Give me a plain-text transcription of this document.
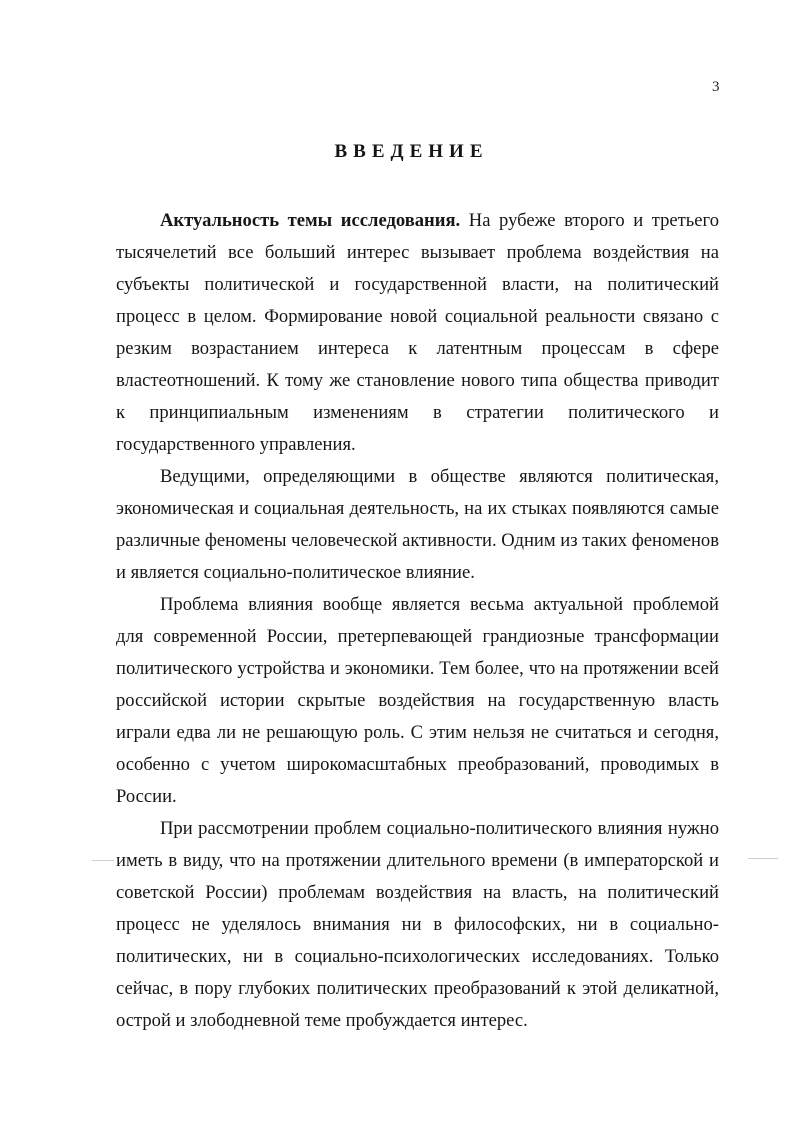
3
ВВЕДЕНИЕ

Актуальность темы исследования. На рубеже второго и третьего тысячелетий все больший интерес вызывает проблема воздействия на субъекты политической и государственной власти, на политический процесс в целом. Формирование новой социальной реальности связано с резким возрастанием интереса к латентным процессам в сфере властеотношений. К тому же становление нового типа общества приводит к принципиальным изменениям в стратегии политического и государственного управления.

Ведущими, определяющими в обществе являются политическая, экономическая и социальная деятельность, на их стыках появляются самые различные феномены человеческой активности. Одним из таких феноменов и является социально-политическое влияние.

Проблема влияния вообще является весьма актуальной проблемой для современной России, претерпевающей грандиозные трансформации политического устройства и экономики. Тем более, что на протяжении всей российской истории скрытые воздействия на государственную власть играли едва ли не решающую роль. С этим нельзя не считаться и сегодня, особенно с учетом широкомасштабных преобразований, проводимых в России.

При рассмотрении проблем социально-политического влияния нужно иметь в виду, что на протяжении длительного времени (в императорской и советской России) проблемам воздействия на власть, на политический процесс не уделялось внимания ни в философских, ни в социально-политических, ни в социально-психологических исследованиях. Только сейчас, в пору глубоких политических преобразований к этой деликатной, острой и злободневной теме пробуждается интерес.
